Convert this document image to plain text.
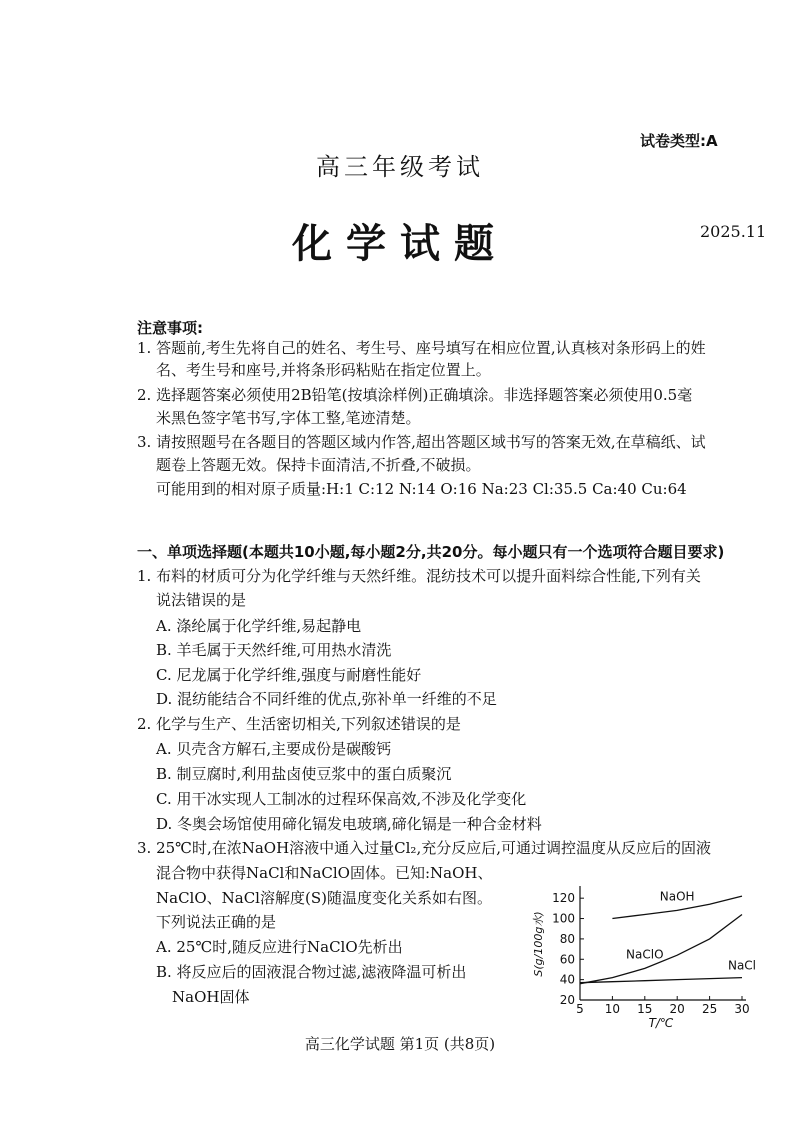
试卷类型:A
高三年级考试
化学试题	2025.11
注意事项:
1. 答题前,考生先将自己的姓名、考生号、座号填写在相应位置,认真核对条形码上的姓
名、考生号和座号,并将条形码粘贴在指定位置上。
2. 选择题答案必须使用2B铅笔(按填涂样例)正确填涂。非选择题答案必须使用0.5毫
米黑色签字笔书写,字体工整,笔迹清楚。
3. 请按照题号在各题目的答题区域内作答,超出答题区域书写的答案无效,在草稿纸、试
题卷上答题无效。保持卡面清洁,不折叠,不破损。
可能用到的相对原子质量:H:1 C:12 N:14 O:16 Na:23 Cl:35.5 Ca:40 Cu:64
一、单项选择题(本题共10小题,每小题2分,共20分。每小题只有一个选项符合题目要求)
1. 布料的材质可分为化学纤维与天然纤维。混纺技术可以提升面料综合性能,下列有关
说法错误的是
A. 涤纶属于化学纤维,易起静电
B. 羊毛属于天然纤维,可用热水清洗
C. 尼龙属于化学纤维,强度与耐磨性能好
D. 混纺能结合不同纤维的优点,弥补单一纤维的不足
2. 化学与生产、生活密切相关,下列叙述错误的是
A. 贝壳含方解石,主要成份是碳酸钙
B. 制豆腐时,利用盐卤使豆浆中的蛋白质聚沉
C. 用干冰实现人工制冰的过程环保高效,不涉及化学变化
D. 冬奥会场馆使用碲化镉发电玻璃,碲化镉是一种合金材料
3. 25℃时,在浓NaOH溶液中通入过量Cl₂,充分反应后,可通过调控温度从反应后的固液
混合物中获得NaCl和NaClO固体。已知:NaOH、
NaClO、NaCl溶解度(S)随温度变化关系如右图。
下列说法正确的是
A. 25℃时,随反应进行NaClO先析出
B. 将反应后的固液混合物过滤,滤液降温可析出
NaOH固体
5 10 15 20 25 30
20
40
60
80
100
120
T/℃
S(g/100g水)
NaOH
NaClO
NaCl
高三化学试题 第1页 (共8页)
